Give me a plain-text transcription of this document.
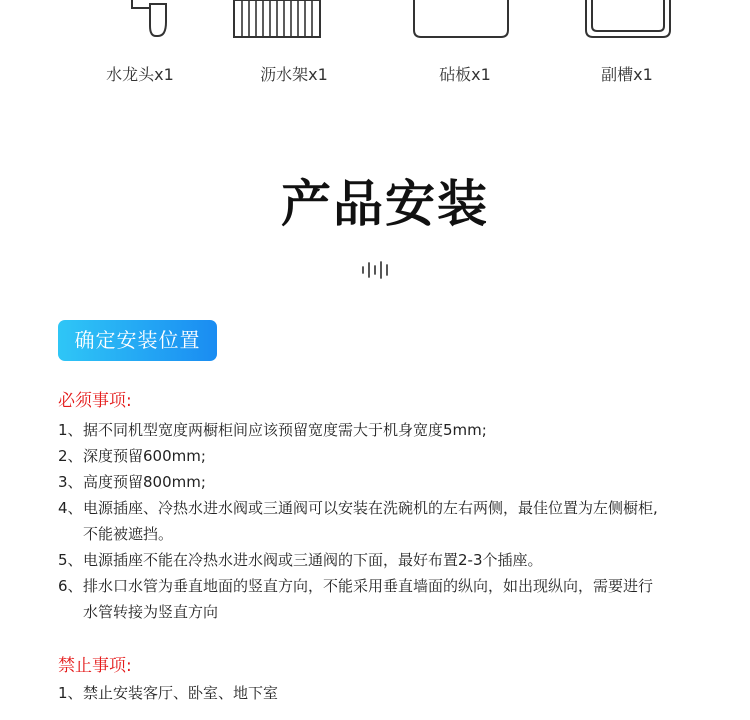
水龙头x1	沥水架x1	砧板x1	副槽x1
产品安装
确定安装位置
必须事项:
1、 据不同机型宽度两橱柜间应该预留宽度需大于机身宽度5mm;
2、 深度预留600mm;
3、 高度预留800mm;
4、 电源插座、冷热水进水阀或三通阀可以安装在洗碗机的左右两侧，最佳位置为左侧橱柜,
不能被遮挡。
5、 电源插座不能在冷热水进水阀或三通阀的下面，最好布置2-3个插座。
6、 排水口水管为垂直地面的竖直方向，不能采用垂直墙面的纵向，如出现纵向，需要进行
水管转接为竖直方向
禁止事项:
1、 禁止安装客厅、卧室、地下室
